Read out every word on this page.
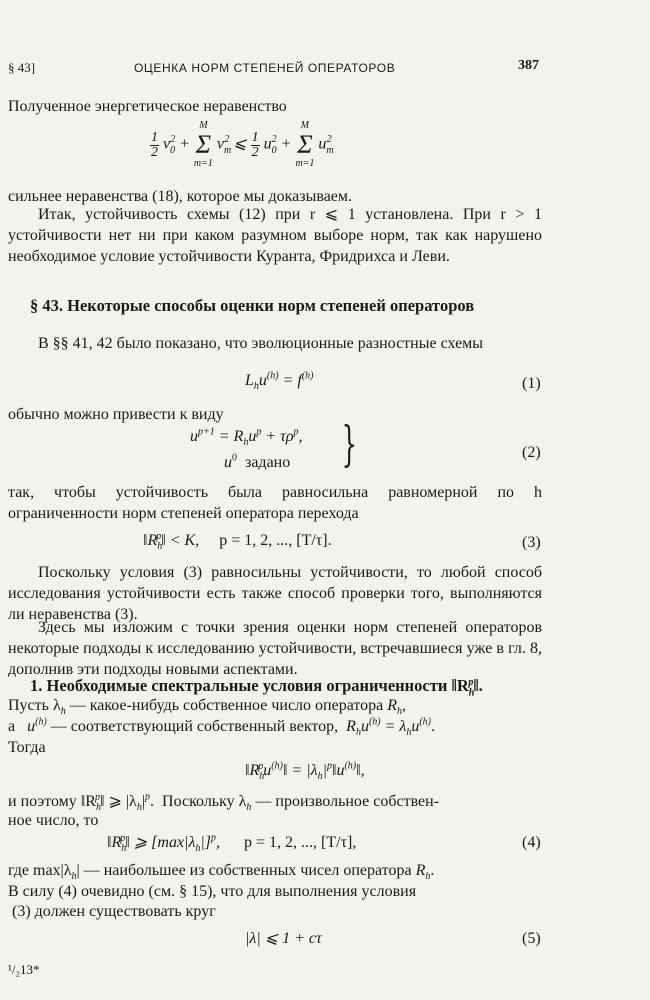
§ 43]	ОЦЕНКА НОРМ СТЕПЕНЕЙ ОПЕРАТОРОВ	387
Полученное энергетическое неравенство
$\frac{1}{2} v_0^2$ +
M
Σ
m=1
$v_m^2$ ⩽ $\frac{1}{2} u_0^2$ +
M
Σ
m=1
$u_m^2$
сильнее неравенства (18), которое мы доказываем.
Итак, устойчивость схемы (12) при r ⩽ 1 установлена. При r > 1 устойчивости нет ни при каком разумном выборе норм, так как нарушено необходимое условие устойчивости Куранта, Фридрихса и Леви.
§ 43. Некоторые способы оценки норм степеней операторов
В §§ 41, 42 было показано, что эволюционные разностные схемы
$L_hu^{(h)} = f^{(h)}$	(1)
обычно можно привести к виду
$u^{p+1} = R_hu^p + \tau\rho^p$,
$u^0$ задано }	(2)
так, чтобы устойчивость была равносильна равномерной по h ограниченности норм степеней оператора перехода
$‖R_h^p‖ < K$, p = 1, 2, ..., [T/τ].	(3)
Поскольку условия (3) равносильны устойчивости, то любой способ исследования устойчивости есть также способ проверки того, выполняются ли неравенства (3).
Здесь мы изложим с точки зрения оценки норм степеней операторов некоторые подходы к исследованию устойчивости, встречавшиеся уже в гл. 8, дополнив эти подходы новыми аспектами.
1. Необходимые спектральные условия ограниченности $‖R_h^p‖$.
Пусть $\lambda_h$ — какое-нибудь собственное число оператора $R_h$,
а   $u^{(h)}$ — соответствующий собственный вектор,  $R_hu^{(h)} = \lambda_hu^{(h)}$.
Тогда
$‖R_h^pu^{(h)}‖$ = $|\lambda_h|^p‖u^{(h)}‖$,
и поэтому $‖R_h^p‖$ ⩾ $|\lambda_h|^p$.  Поскольку $\lambda_h$ — произвольное собствен-
ное число, то
$‖R_h^p‖$ ⩾ $[\max|\lambda_h|]^p$, p = 1, 2, ..., [T/τ],	(4)
где $\max|\lambda_h|$ — наибольшее из собственных чисел оператора $R_h$.
В силу (4) очевидно (см. § 15), что для выполнения условия
(3) должен существовать круг
|λ| ⩽ 1 + cτ	(5)
¹/₂13*
